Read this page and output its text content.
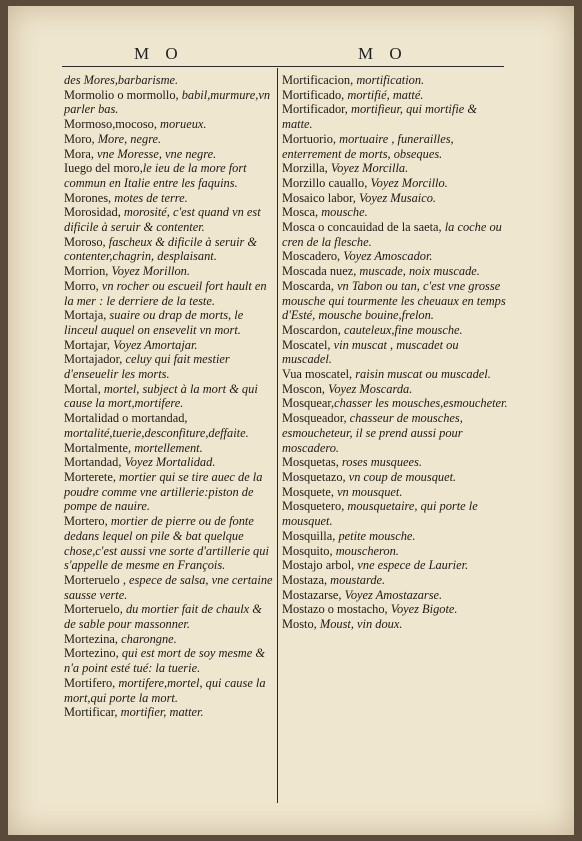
M O	M O

des Mores,barbarisme.

Mormolio o mormollo, babil,murmure,vn parler bas.

Mormoso,mocoso, morueux.

Moro, More, negre.

Mora, vne Moresse, vne negre.

Iuego del moro,le ieu de la more fort commun en Italie entre les faquins.

Morones, motes de terre.

Morosidad, morosité, c'est quand vn est dificile à seruir & contenter.

Moroso, fascheux & dificile à seruir & contenter,chagrin, desplaisant.

Morrion, Voyez Morillon.

Morro, vn rocher ou escueil fort hault en la mer : le derriere de la teste.

Mortaja, suaire ou drap de morts, le linceul auquel on ensevelit vn mort.

Mortajar, Voyez Amortajar.

Mortajador, celuy qui fait mestier d'enseuelir les morts.

Mortal, mortel, subject à la mort & qui cause la mort,mortifere.

Mortalidad o mortandad, mortalité,tuerie,desconfiture,deffaite.

Mortalmente, mortellement.

Mortandad, Voyez Mortalidad.

Morterete, mortier qui se tire auec de la poudre comme vne artillerie:piston de pompe de nauire.

Mortero, mortier de pierre ou de fonte dedans lequel on pile & bat quelque chose,c'est aussi vne sorte d'artillerie qui s'appelle de mesme en François.

Morteruelo , espece de salsa, vne certaine sausse verte.

Morteruelo, du mortier fait de chaulx & de sable pour massonner.

Mortezina, charongne.

Mortezino, qui est mort de soy mesme & n'a point esté tué: la tuerie.

Mortifero, mortifere,mortel, qui cause la mort,qui porte la mort.

Mortificar, mortifier, matter.

Mortificacion, mortification.

Mortificado, mortifié, matté.

Mortificador, mortifieur, qui mortifie & matte.

Mortuorio, mortuaire , funerailles, enterrement de morts, obseques.

Morzilla, Voyez Morcilla.

Morzillo cauallo, Voyez Morcillo.

Mosaico labor, Voyez Musaico.

Mosca, mousche.

Mosca o concauidad de la saeta, la coche ou cren de la flesche.

Moscadero, Voyez Amoscador.

Moscada nuez, muscade, noix muscade.

Moscarda, vn Tabon ou tan, c'est vne grosse mousche qui tourmente les cheuaux en temps d'Esté, mousche bouine,frelon.

Moscardon, cauteleux,fine mousche.

Moscatel, vin muscat , muscadet ou muscadel.

Vua moscatel, raisin muscat ou muscadel.

Moscon, Voyez Moscarda.

Mosquear,chasser les mousches,esmoucheter.

Mosqueador, chasseur de mousches, esmoucheteur, il se prend aussi pour moscadero.

Mosquetas, roses musquees.

Mosquetazo, vn coup de mousquet.

Mosquete, vn mousquet.

Mosquetero, mousquetaire, qui porte le mousquet.

Mosquilla, petite mousche.

Mosquito, mouscheron.

Mostajo arbol, vne espece de Laurier.

Mostaza, moustarde.

Mostazarse, Voyez Amostazarse.

Mostazo o mostacho, Voyez Bigote.

Mosto, Moust, vin doux.
